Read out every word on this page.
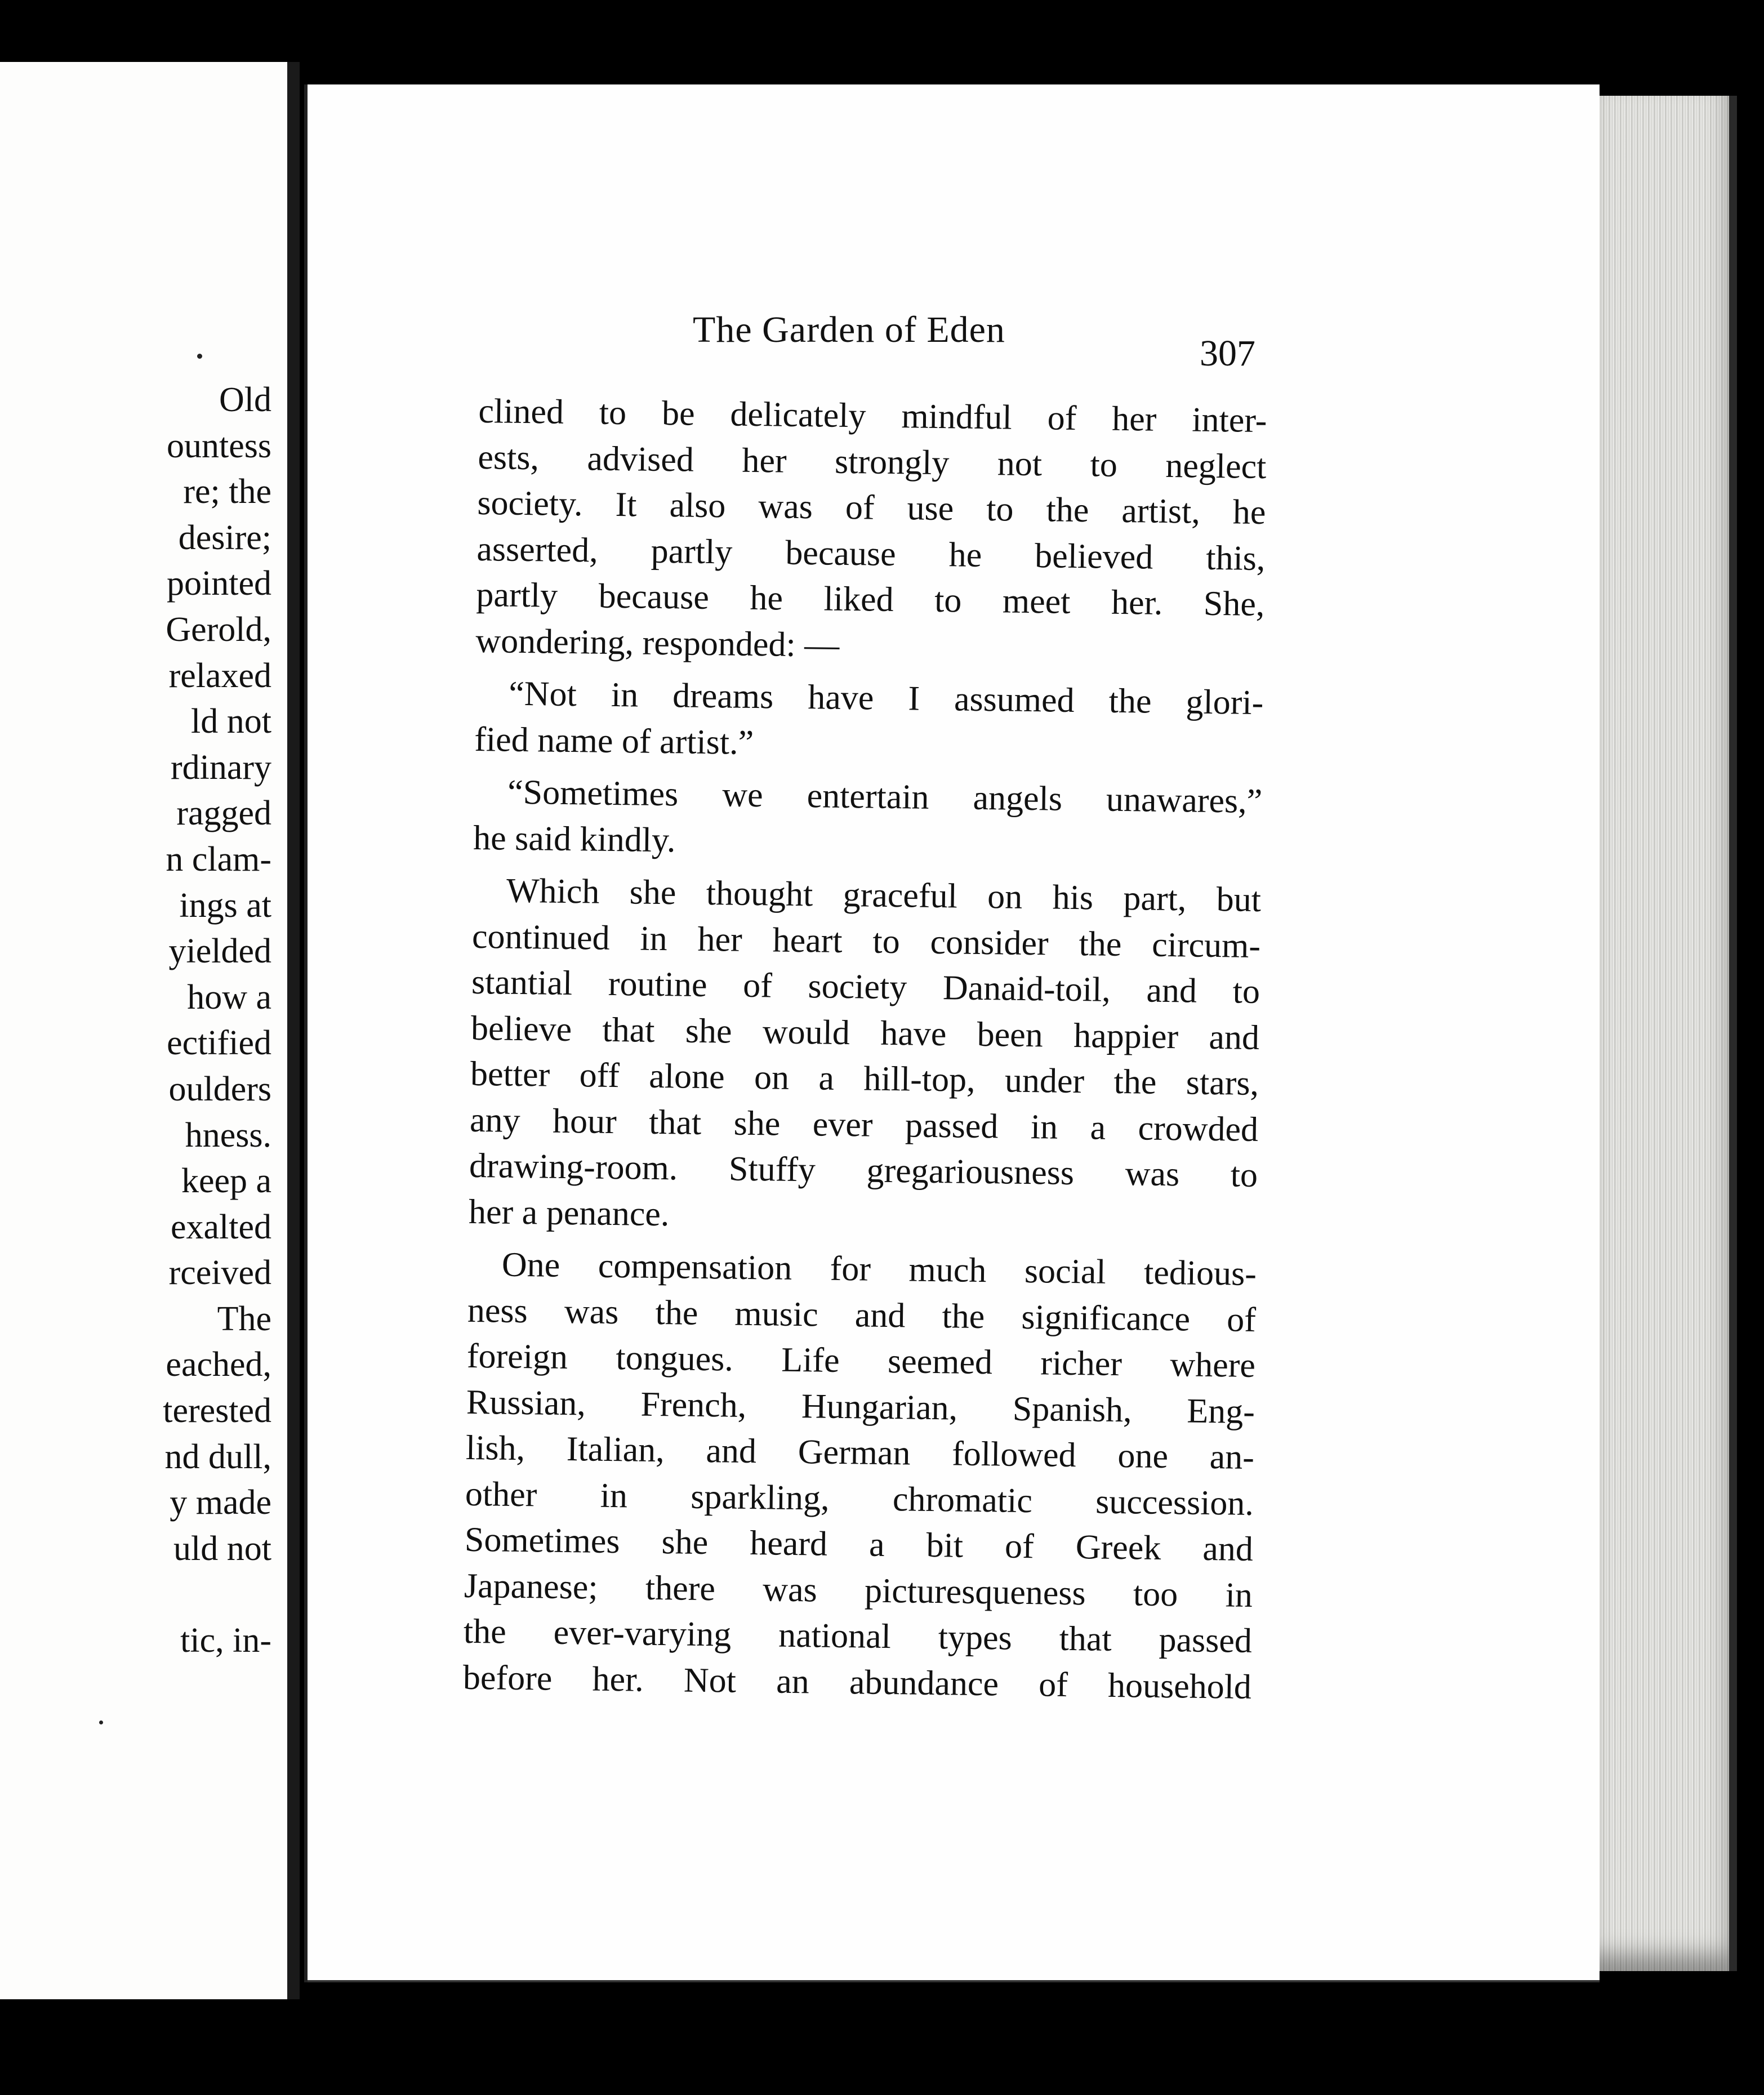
Old
ountess
re; the
desire;
pointed
Gerold,
relaxed
ld not
rdinary
ragged
n clam-
ings at
yielded
how a
ectified
oulders
hness.
keep a
exalted
rceived
The
eached,
terested
nd dull,
y made
uld not
tic, in-
The Garden of Eden
307
clined to be delicately mindful of her inter-
ests, advised her strongly not to neglect
society. It also was of use to the artist, he
asserted, partly because he believed this,
partly because he liked to meet her. She,
wondering, responded: —
“Not in dreams have I assumed the glori-
fied name of artist.”
“Sometimes we entertain angels unawares,”
he said kindly.
Which she thought graceful on his part, but
continued in her heart to consider the circum-
stantial routine of society Danaid-toil, and to
believe that she would have been happier and
better off alone on a hill-top, under the stars,
any hour that she ever passed in a crowded
drawing-room. Stuffy gregariousness was to
her a penance.
One compensation for much social tedious-
ness was the music and the significance of
foreign tongues. Life seemed richer where
Russian, French, Hungarian, Spanish, Eng-
lish, Italian, and German followed one an-
other in sparkling, chromatic succession.
Sometimes she heard a bit of Greek and
Japanese; there was picturesqueness too in
the ever-varying national types that passed
before her. Not an abundance of household
